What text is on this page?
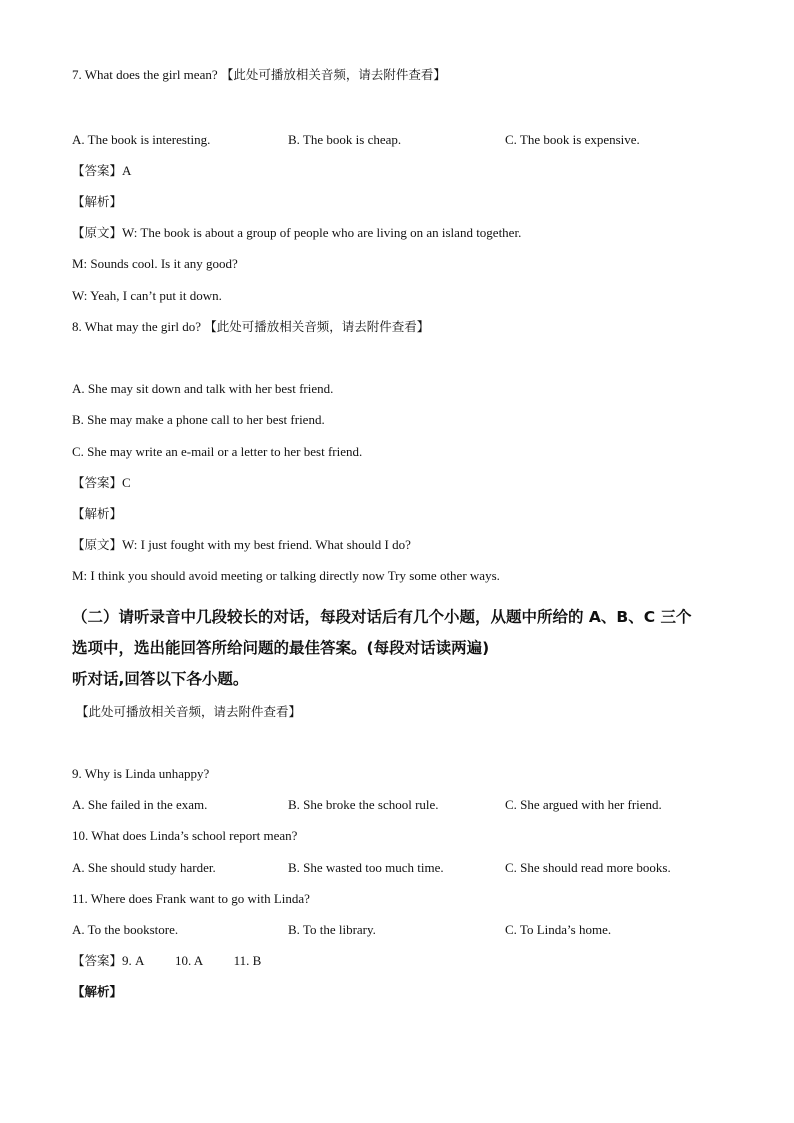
7. What does the girl mean? 【此处可播放相关音频，请去附件查看】
A. The book is interesting.	B. The book is cheap.	C. The book is expensive.
【答案】A
【解析】
【原文】W: The book is about a group of people who are living on an island together.
M: Sounds cool. Is it any good?
W: Yeah, I can’t put it down.
8. What may the girl do? 【此处可播放相关音频，请去附件查看】
A. She may sit down and talk with her best friend.
B. She may make a phone call to her best friend.
C. She may write an e-mail or a letter to her best friend.
【答案】C
【解析】
【原文】W: I just fought with my best friend. What should I do?
M: I think you should avoid meeting or talking directly now Try some other ways.
（二）请听录音中几段较长的对话，每段对话后有几个小题，从题中所给的 A、B、C 三个
选项中，选出能回答所给问题的最佳答案。(每段对话读两遍)
听对话,回答以下各小题。
【此处可播放相关音频，请去附件查看】
9. Why is Linda unhappy?
A. She failed in the exam.	B. She broke the school rule.	C. She argued with her friend.
10. What does Linda’s school report mean?
A. She should study harder.	B. She wasted too much time.	C. She should read more books.
11. Where does Frank want to go with Linda?
A. To the bookstore.	B. To the library.	C. To Linda’s home.
【答案】9. A 10. A 11. B
【解析】
